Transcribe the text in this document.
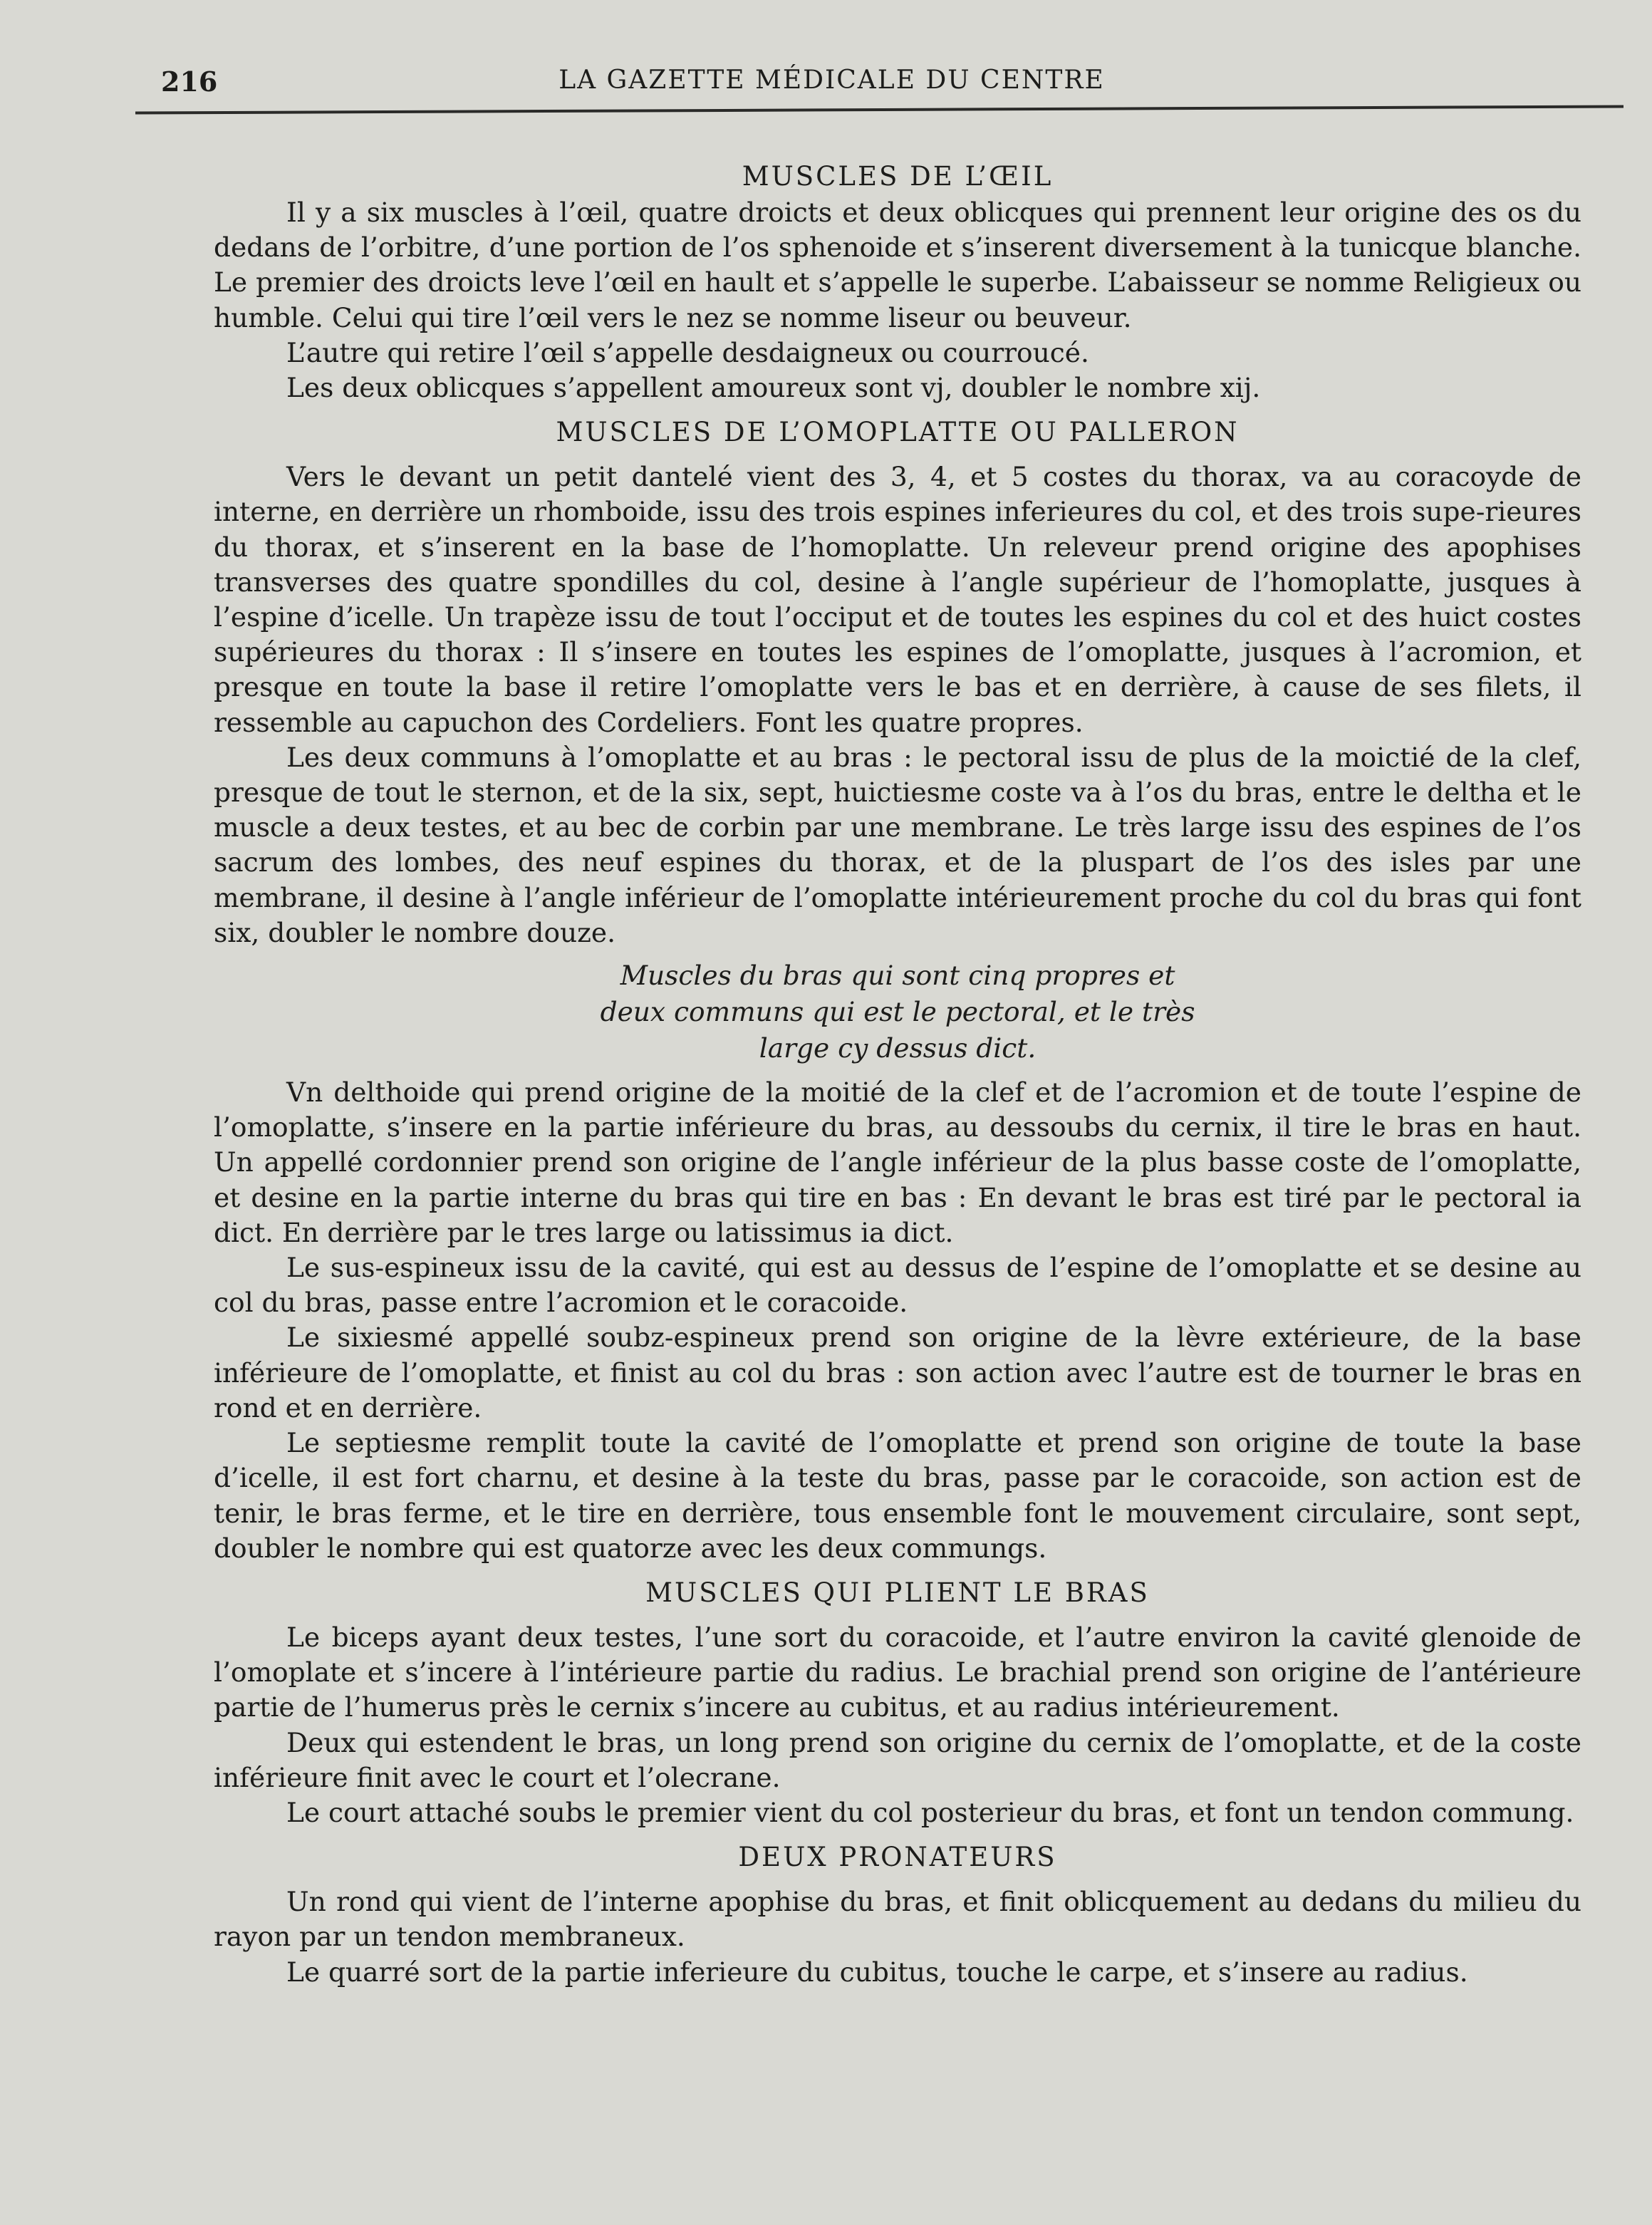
216	LA GAZETTE MÉDICALE DU CENTRE
MUSCLES DE L’ŒIL

Il y a six muscles à l’œil, quatre droicts et deux oblicques qui prennent leur origine des os du dedans de l’orbitre, d’une portion de l’os sphenoide et s’inserent diversement à la tunicque blanche. Le premier des droicts leve l’œil en hault et s’appelle le superbe. L’abaisseur se nomme Religieux ou humble. Celui qui tire l’œil vers le nez se nomme liseur ou beuveur.

L’autre qui retire l’œil s’appelle desdaigneux ou courroucé.

Les deux oblicques s’appellent amoureux sont vj, doubler le nombre xij.

MUSCLES DE L’OMOPLATTE OU PALLERON

Vers le devant un petit dantelé vient des 3, 4, et 5 costes du thorax, va au coracoyde de interne, en derrière un rhomboide, issu des trois espines inferieures du col, et des trois supe-rieures du thorax, et s’inserent en la base de l’homoplatte. Un releveur prend origine des apophises transverses des quatre spondilles du col, desine à l’angle supérieur de l’homoplatte, jusques à l’espine d’icelle. Un trapèze issu de tout l’occiput et de toutes les espines du col et des huict costes supérieures du thorax : Il s’insere en toutes les espines de l’omoplatte, jusques à l’acromion, et presque en toute la base il retire l’omoplatte vers le bas et en derrière, à cause de ses filets, il ressemble au capuchon des Cordeliers. Font les quatre propres.

Les deux communs à l’omoplatte et au bras : le pectoral issu de plus de la moictié de la clef, presque de tout le sternon, et de la six, sept, huictiesme coste va à l’os du bras, entre le deltha et le muscle a deux testes, et au bec de corbin par une membrane. Le très large issu des espines de l’os sacrum des lombes, des neuf espines du thorax, et de la pluspart de l’os des isles par une membrane, il desine à l’angle inférieur de l’omoplatte intérieurement proche du col du bras qui font six, doubler le nombre douze.

Muscles du bras qui sont cinq propres et
deux communs qui est le pectoral, et le très
large cy dessus dict.

Vn delthoide qui prend origine de la moitié de la clef et de l’acromion et de toute l’espine de l’omoplatte, s’insere en la partie inférieure du bras, au dessoubs du cernix, il tire le bras en haut. Un appellé cordonnier prend son origine de l’angle inférieur de la plus basse coste de l’omoplatte, et desine en la partie interne du bras qui tire en bas : En devant le bras est tiré par le pectoral ia dict. En derrière par le tres large ou latissimus ia dict.

Le sus-espineux issu de la cavité, qui est au dessus de l’espine de l’omoplatte et se desine au col du bras, passe entre l’acromion et le coracoide.

Le sixiesmé appellé soubz-espineux prend son origine de la lèvre extérieure, de la base inférieure de l’omoplatte, et finist au col du bras : son action avec l’autre est de tourner le bras en rond et en derrière.

Le septiesme remplit toute la cavité de l’omoplatte et prend son origine de toute la base d’icelle, il est fort charnu, et desine à la teste du bras, passe par le coracoide, son action est de tenir, le bras ferme, et le tire en derrière, tous ensemble font le mouvement circulaire, sont sept, doubler le nombre qui est quatorze avec les deux commungs.

MUSCLES QUI PLIENT LE BRAS

Le biceps ayant deux testes, l’une sort du coracoide, et l’autre environ la cavité glenoide de l’omoplate et s’incere à l’intérieure partie du radius. Le brachial prend son origine de l’antérieure partie de l’humerus près le cernix s’incere au cubitus, et au radius intérieurement.

Deux qui estendent le bras, un long prend son origine du cernix de l’omoplatte, et de la coste inférieure finit avec le court et l’olecrane.

Le court attaché soubs le premier vient du col posterieur du bras, et font un tendon commung.

DEUX PRONATEURS

Un rond qui vient de l’interne apophise du bras, et finit oblicquement au dedans du milieu du rayon par un tendon membraneux.

Le quarré sort de la partie inferieure du cubitus, touche le carpe, et s’insere au radius.
